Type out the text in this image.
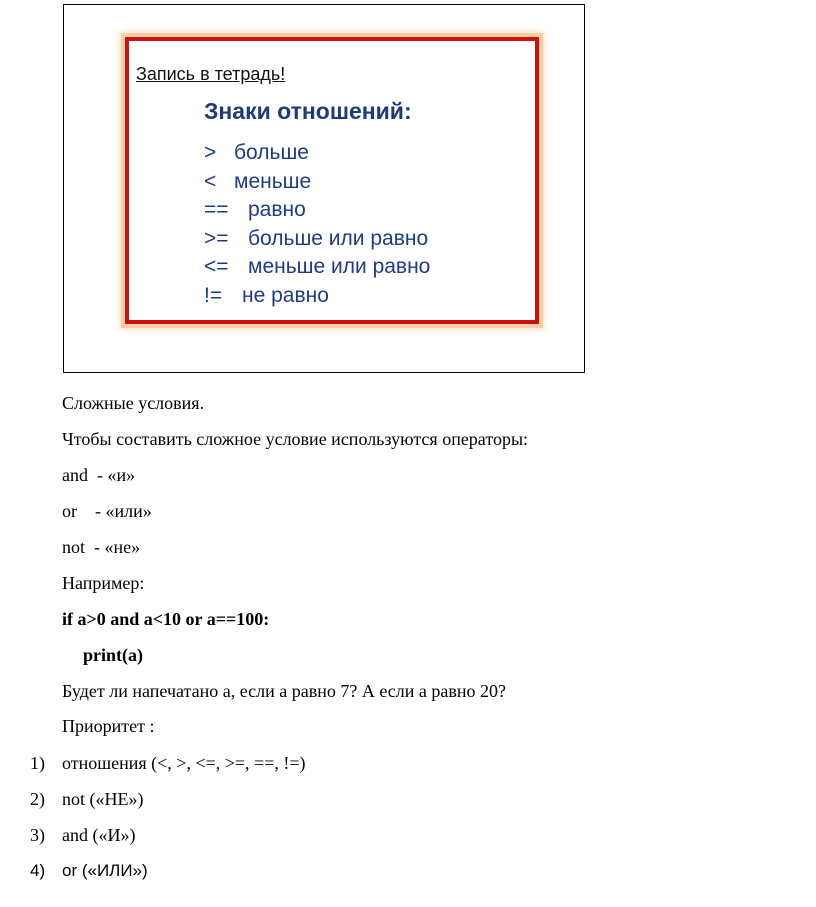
Запись в тетрадь!
Знаки отношений:
> больше
< меньше
== равно
>= больше или равно
<= меньше или равно
!= не равно
Сложные условия.
Чтобы составить сложное условие используются операторы:
and  - «и»
or    - «или»
not  - «не»
Например:
if a>0 and a<10 or a==100:
print(a)
Будет ли напечатано a, если a равно 7? А если a равно 20?
Приоритет :
1) отношения (<, >, <=, >=, ==, !=)
2) not («НЕ»)
3) and («И»)
4) or («ИЛИ»)
